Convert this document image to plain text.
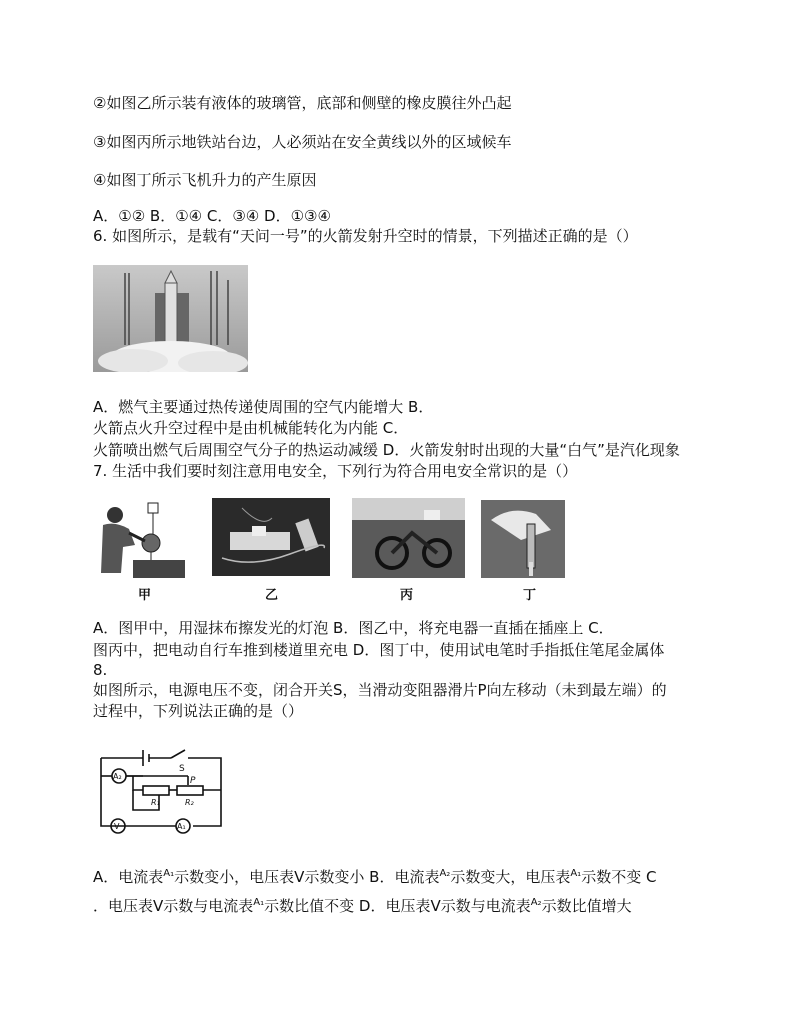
②如图乙所示装有液体的玻璃管，底部和侧壁的橡皮膜往外凸起
③如图丙所示地铁站台边，人必须站在安全黄线以外的区域候车
④如图丁所示飞机升力的产生原因
A．①② B．①④ C．③④ D．①③④
6. 如图所示，是载有“天问一号”的火箭发射升空时的情景，下列描述正确的是（）
A．燃气主要通过热传递使周围的空气内能增大 B．
火箭点火升空过程中是由机械能转化为内能 C．
火箭喷出燃气后周围空气分子的热运动减缓 D．火箭发射时出现的大量“白气”是汽化现象
7. 生活中我们要时刻注意用电安全，下列行为符合用电安全常识的是（）
甲	乙	丙	丁
A．图甲中，用湿抹布擦发光的灯泡 B．图乙中，将充电器一直插在插座上 C．
图丙中，把电动自行车推到楼道里充电 D．图丁中，使用试电笔时手指抵住笔尾金属体
8.
如图所示，电源电压不变，闭合开关S，当滑动变阻器滑片P向左移动（未到最左端）的
过程中，下列说法正确的是（）
S
P
R₁	R₂
A₂
A₁
V
A．电流表$^{A_1}$示数变小，电压表V示数变小 B．电流表$^{A_2}$示数变大，电压表$^{A_1}$示数不变 C
．电压表V示数与电流表$^{A_1}$示数比值不变 D．电压表V示数与电流表$^{A_2}$示数比值增大
